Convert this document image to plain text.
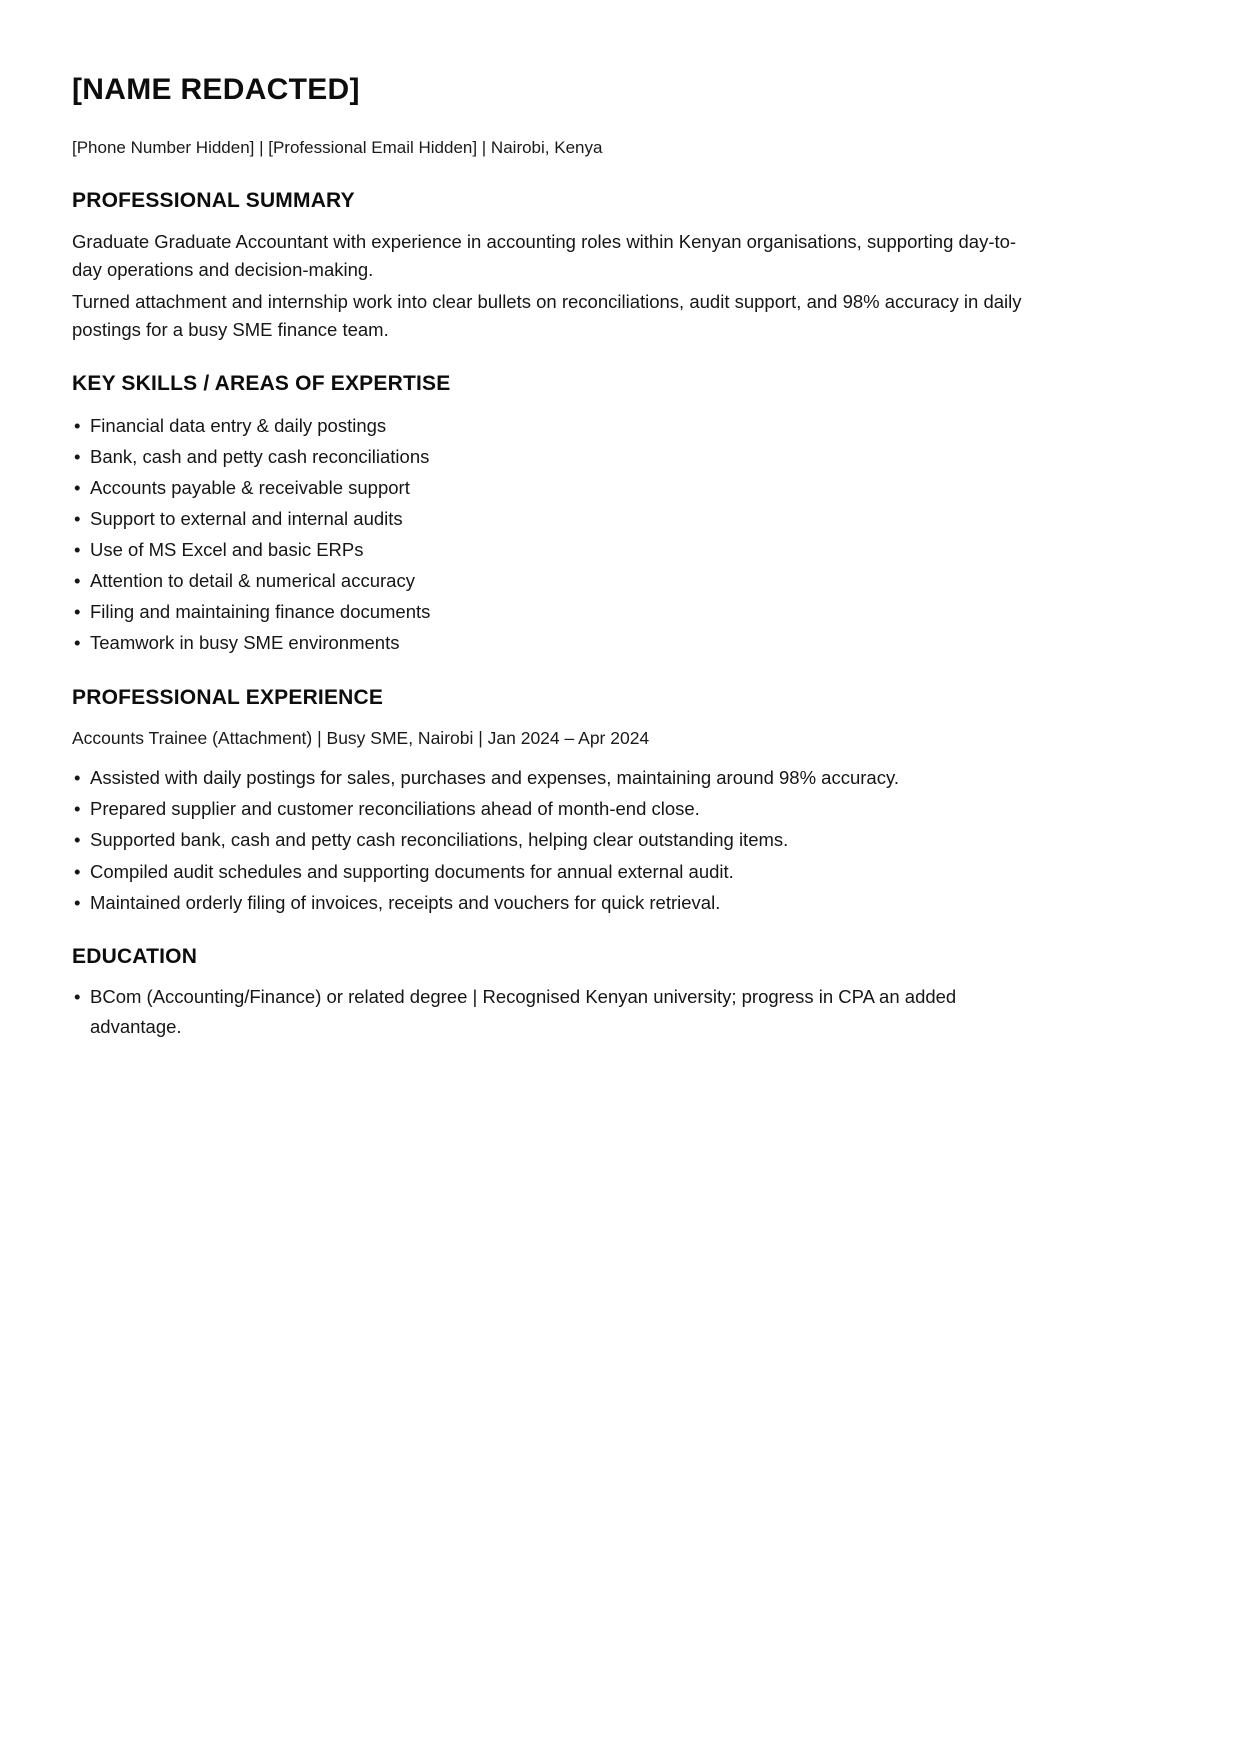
[NAME REDACTED]

[Phone Number Hidden] | [Professional Email Hidden] | Nairobi, Kenya

PROFESSIONAL SUMMARY

Graduate Graduate Accountant with experience in accounting roles within Kenyan organisations, supporting day-to-day operations and decision-making.

Turned attachment and internship work into clear bullets on reconciliations, audit support, and 98% accuracy in daily postings for a busy SME finance team.

KEY SKILLS / AREAS OF EXPERTISE
• Financial data entry & daily postings
• Bank, cash and petty cash reconciliations
• Accounts payable & receivable support
• Support to external and internal audits
• Use of MS Excel and basic ERPs
• Attention to detail & numerical accuracy
• Filing and maintaining finance documents
• Teamwork in busy SME environments
PROFESSIONAL EXPERIENCE

Accounts Trainee (Attachment) | Busy SME, Nairobi | Jan 2024 – Apr 2024

• Assisted with daily postings for sales, purchases and expenses, maintaining around 98% accuracy.
• Prepared supplier and customer reconciliations ahead of month-end close.
• Supported bank, cash and petty cash reconciliations, helping clear outstanding items.
• Compiled audit schedules and supporting documents for annual external audit.
• Maintained orderly filing of invoices, receipts and vouchers for quick retrieval.
EDUCATION
• BCom (Accounting/Finance) or related degree | Recognised Kenyan university; progress in CPA an added advantage.
